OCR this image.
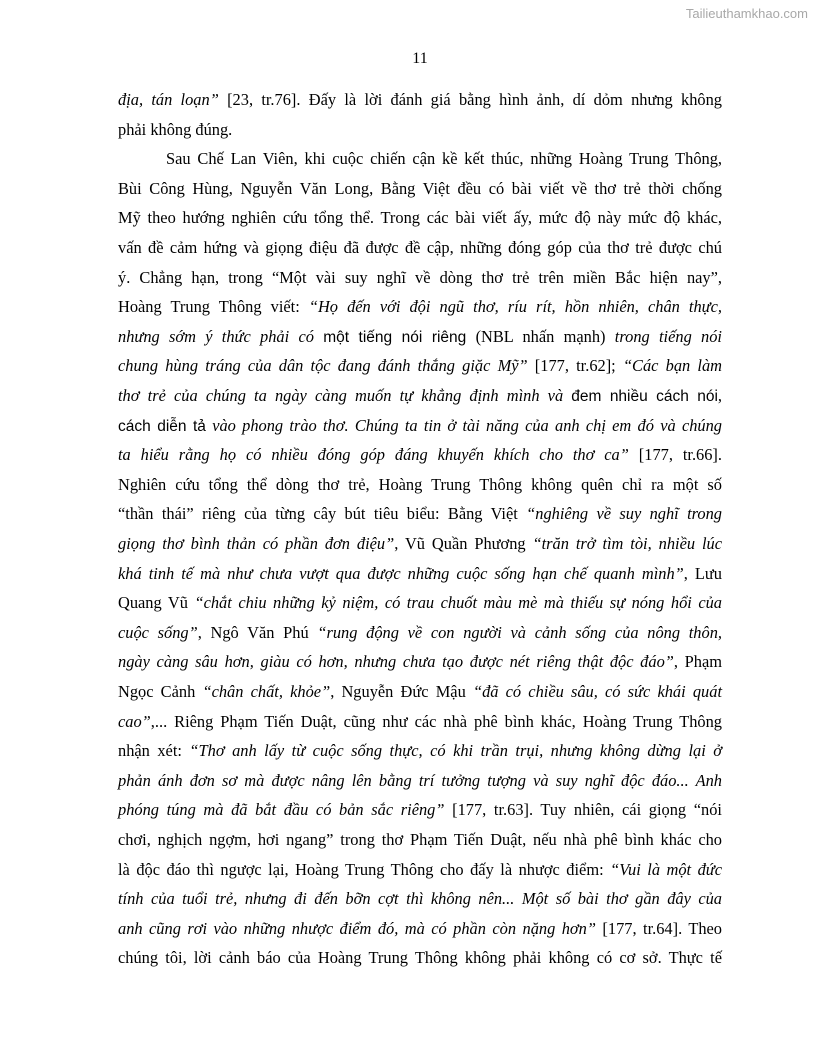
Tailieuthamkhao.com
11
địa, tán loạn” [23, tr.76]. Đấy là lời đánh giá bằng hình ảnh, dí dỏm nhưng không
phải không đúng.
Sau Chế Lan Viên, khi cuộc chiến cận kề kết thúc, những Hoàng Trung Thông,
Bùi Công Hùng, Nguyễn Văn Long, Bằng Việt đều có bài viết về thơ trẻ thời chống
Mỹ theo hướng nghiên cứu tổng thể. Trong các bài viết ấy, mức độ này mức độ khác,
vấn đề cảm hứng và giọng điệu đã được đề cập, những đóng góp của thơ trẻ được chú
ý. Chẳng hạn, trong “Một vài suy nghĩ về dòng thơ trẻ trên miền Bắc hiện nay”,
Hoàng Trung Thông viết: “Họ đến với đội ngũ thơ, ríu rít, hồn nhiên, chân thực,
nhưng sớm ý thức phải có một tiếng nói riêng (NBL nhấn mạnh) trong tiếng nói
chung hùng tráng của dân tộc đang đánh thắng giặc Mỹ” [177, tr.62]; “Các bạn làm
thơ trẻ của chúng ta ngày càng muốn tự khẳng định mình và đem nhiều cách nói,
cách diễn tả vào phong trào thơ. Chúng ta tin ở tài năng của anh chị em đó và chúng
ta hiểu rằng họ có nhiều đóng góp đáng khuyến khích cho thơ ca” [177, tr.66].
Nghiên cứu tổng thể dòng thơ trẻ, Hoàng Trung Thông không quên chỉ ra một số
“thần thái” riêng của từng cây bút tiêu biểu: Bằng Việt “nghiêng về suy nghĩ trong
giọng thơ bình thản có phần đơn điệu”, Vũ Quần Phương “trăn trở tìm tòi, nhiều lúc
khá tinh tế mà như chưa vượt qua được những cuộc sống hạn chế quanh mình”, Lưu
Quang Vũ “chắt chiu những kỷ niệm, có trau chuốt màu mè mà thiếu sự nóng hổi của
cuộc sống”, Ngô Văn Phú “rung động về con người và cảnh sống của nông thôn,
ngày càng sâu hơn, giàu có hơn, nhưng chưa tạo được nét riêng thật độc đáo”, Phạm
Ngọc Cảnh “chân chất, khỏe”, Nguyễn Đức Mậu “đã có chiều sâu, có sức khái quát
cao”,... Riêng Phạm Tiến Duật, cũng như các nhà phê bình khác, Hoàng Trung Thông
nhận xét: “Thơ anh lấy từ cuộc sống thực, có khi trần trụi, nhưng không dừng lại ở
phản ánh đơn sơ mà được nâng lên bằng trí tưởng tượng và suy nghĩ độc đáo... Anh
phóng túng mà đã bắt đầu có bản sắc riêng” [177, tr.63]. Tuy nhiên, cái giọng “nói
chơi, nghịch ngợm, hơi ngang” trong thơ Phạm Tiến Duật, nếu nhà phê bình khác cho
là độc đáo thì ngược lại, Hoàng Trung Thông cho đấy là nhược điểm: “Vui là một đức
tính của tuổi trẻ, nhưng đi đến bỡn cợt thì không nên... Một số bài thơ gần đây của
anh cũng rơi vào những nhược điểm đó, mà có phần còn nặng hơn” [177, tr.64]. Theo
chúng tôi, lời cảnh báo của Hoàng Trung Thông không phải không có cơ sở. Thực tế
